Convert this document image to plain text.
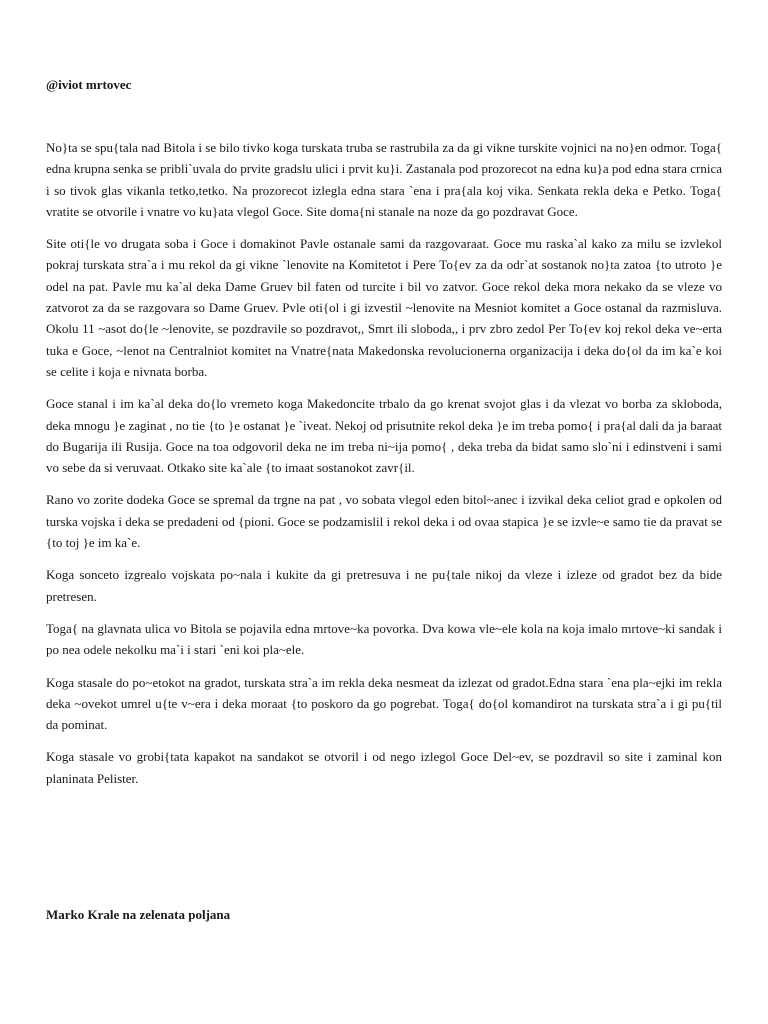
@iviot mrtovec

No}ta se spu{tala nad Bitola i se bilo tivko koga turskata truba se rastrubila za da gi vikne turskite vojnici na no}en odmor. Toga{ edna krupna senka se pribli`uvala do prvite gradslu ulici i prvit ku}i. Zastanala pod prozorecot na edna ku}a pod edna stara crnica i so tivok glas vikanla tetko,tetko. Na prozorecot izlegla edna stara `ena i pra{ala koj vika. Senkata rekla deka e Petko. Toga{ vratite se otvorile i vnatre vo ku}ata vlegol Goce. Site doma{ni stanale na noze da go pozdravat Goce.

Site oti{le vo drugata soba i Goce i domakinot Pavle ostanale sami da razgovaraat. Goce mu raska`al kako za milu se izvlekol pokraj turskata stra`a i mu rekol da gi vikne `lenovite na Komitetot i Pere To{ev za da odr`at sostanok no}ta zatoa {to utroto }e odel na pat. Pavle mu ka`al deka Dame Gruev bil faten od turcite i bil vo zatvor. Goce rekol deka mora nekako da se vleze vo zatvorot za da se razgovara so Dame Gruev. Pvle oti{ol i gi izvestil ~lenovite na Mesniot komitet a Goce ostanal da razmisluva. Okolu 11 ~asot do{le ~lenovite, se pozdravile so pozdravot,, Smrt ili sloboda,, i prv zbro zedol Per To{ev koj rekol deka ve~erta tuka e Goce, ~lenot na Centralniot komitet na Vnatre{nata Makedonska revolucionerna organizacija i deka do{ol da im ka`e koi se celite i koja e nivnata borba.

Goce stanal i im ka`al deka do{lo vremeto koga Makedoncite trbalo da go krenat svojot glas i da vlezat vo borba za skloboda, deka mnogu }e zaginat , no tie {to }e ostanat }e `iveat. Nekoj od prisutnite rekol deka }e im treba pomo{ i pra{al dali da ja baraat do Bugarija ili Rusija. Goce na toa odgovoril deka ne im treba ni~ija pomo{ , deka treba da bidat samo slo`ni i edinstveni i sami vo sebe da si veruvaat. Otkako site ka`ale {to imaat sostanokot zavr{il.

Rano vo zorite dodeka Goce se spremal da trgne na pat , vo sobata vlegol eden bitol~anec i izvikal deka celiot grad e opkolen od turska vojska i deka se predadeni od {pioni. Goce se podzamislil i rekol deka i od ovaa stapica }e se izvle~e samo tie da pravat se {to toj }e im ka`e.

Koga sonceto izgrealo vojskata po~nala i kukite da gi pretresuva i ne pu{tale nikoj da vleze i izleze od gradot bez da bide pretresen.

Toga{ na glavnata ulica vo Bitola se pojavila edna mrtove~ka povorka. Dva kowa vle~ele kola na koja imalo mrtove~ki sandak i po nea odele nekolku ma`i i stari `eni koi pla~ele.

Koga stasale do po~etokot na gradot, turskata stra`a im rekla deka nesmeat da izlezat od gradot.Edna stara `ena pla~ejki im rekla deka ~ovekot umrel u{te v~era i deka moraat {to poskoro da go pogrebat. Toga{ do{ol komandirot na turskata stra`a i gi pu{til da pominat.

Koga stasale vo grobi{tata kapakot na sandakot se otvoril i od nego izlegol Goce Del~ev, se pozdravil so site i zaminal kon planinata Pelister.

Marko Krale na zelenata poljana
